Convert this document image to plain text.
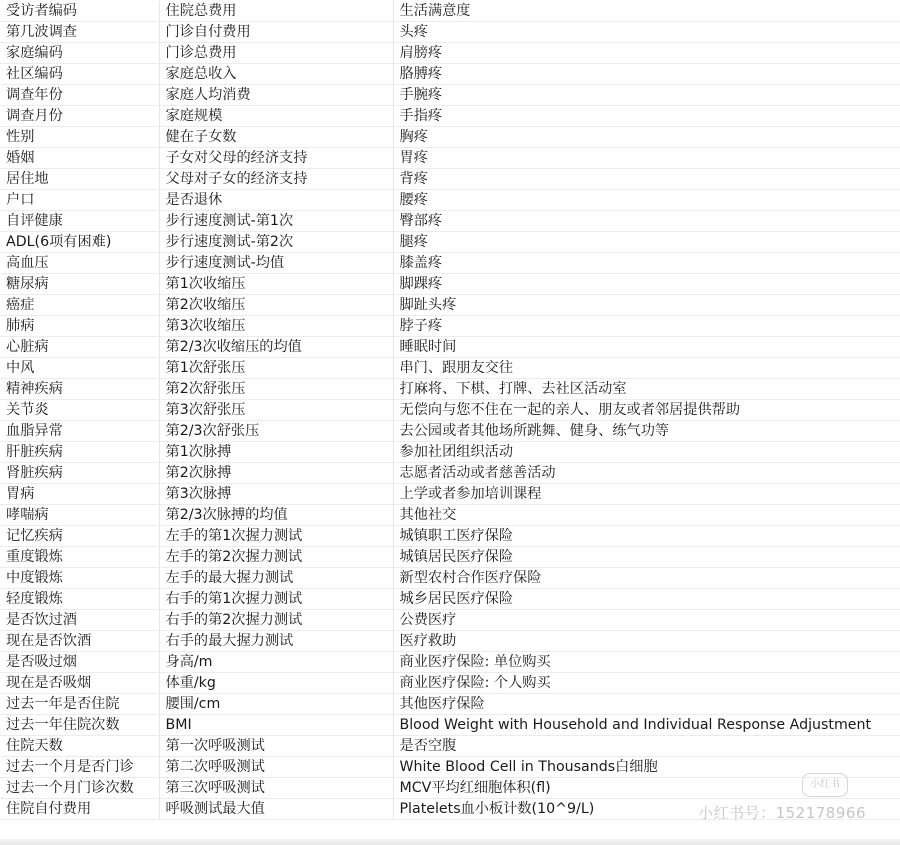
受访者编码	住院总费用	生活满意度
第几波调查	门诊自付费用	头疼
家庭编码	门诊总费用	肩膀疼
社区编码	家庭总收入	胳膊疼
调查年份	家庭人均消费	手腕疼
调查月份	家庭规模	手指疼
性别	健在子女数	胸疼
婚姻	子女对父母的经济支持	胃疼
居住地	父母对子女的经济支持	背疼
户口	是否退休	腰疼
自评健康	步行速度测试-第1次	臀部疼
ADL(6项有困难)	步行速度测试-第2次	腿疼
高血压	步行速度测试-均值	膝盖疼
糖尿病	第1次收缩压	脚踝疼
癌症	第2次收缩压	脚趾头疼
肺病	第3次收缩压	脖子疼
心脏病	第2/3次收缩压的均值	睡眠时间
中风	第1次舒张压	串门、跟朋友交往
精神疾病	第2次舒张压	打麻将、下棋、打牌、去社区活动室
关节炎	第3次舒张压	无偿向与您不住在一起的亲人、朋友或者邻居提供帮助
血脂异常	第2/3次舒张压	去公园或者其他场所跳舞、健身、练气功等
肝脏疾病	第1次脉搏	参加社团组织活动
肾脏疾病	第2次脉搏	志愿者活动或者慈善活动
胃病	第3次脉搏	上学或者参加培训课程
哮喘病	第2/3次脉搏的均值	其他社交
记忆疾病	左手的第1次握力测试	城镇职工医疗保险
重度锻炼	左手的第2次握力测试	城镇居民医疗保险
中度锻炼	左手的最大握力测试	新型农村合作医疗保险
轻度锻炼	右手的第1次握力测试	城乡居民医疗保险
是否饮过酒	右手的第2次握力测试	公费医疗
现在是否饮酒	右手的最大握力测试	医疗救助
是否吸过烟	身高/m	商业医疗保险: 单位购买
现在是否吸烟	体重/kg	商业医疗保险: 个人购买
过去一年是否住院	腰围/cm	其他医疗保险
过去一年住院次数	BMI	Blood Weight with Household and Individual Response Adjustment
住院天数	第一次呼吸测试	是否空腹
过去一个月是否门诊	第二次呼吸测试	White Blood Cell in Thousands白细胞
过去一个月门诊次数	第三次呼吸测试	MCV平均红细胞体积(fl)
住院自付费用	呼吸测试最大值	Platelets血小板计数(10^9/L)
小红书
小红书号：152178966
